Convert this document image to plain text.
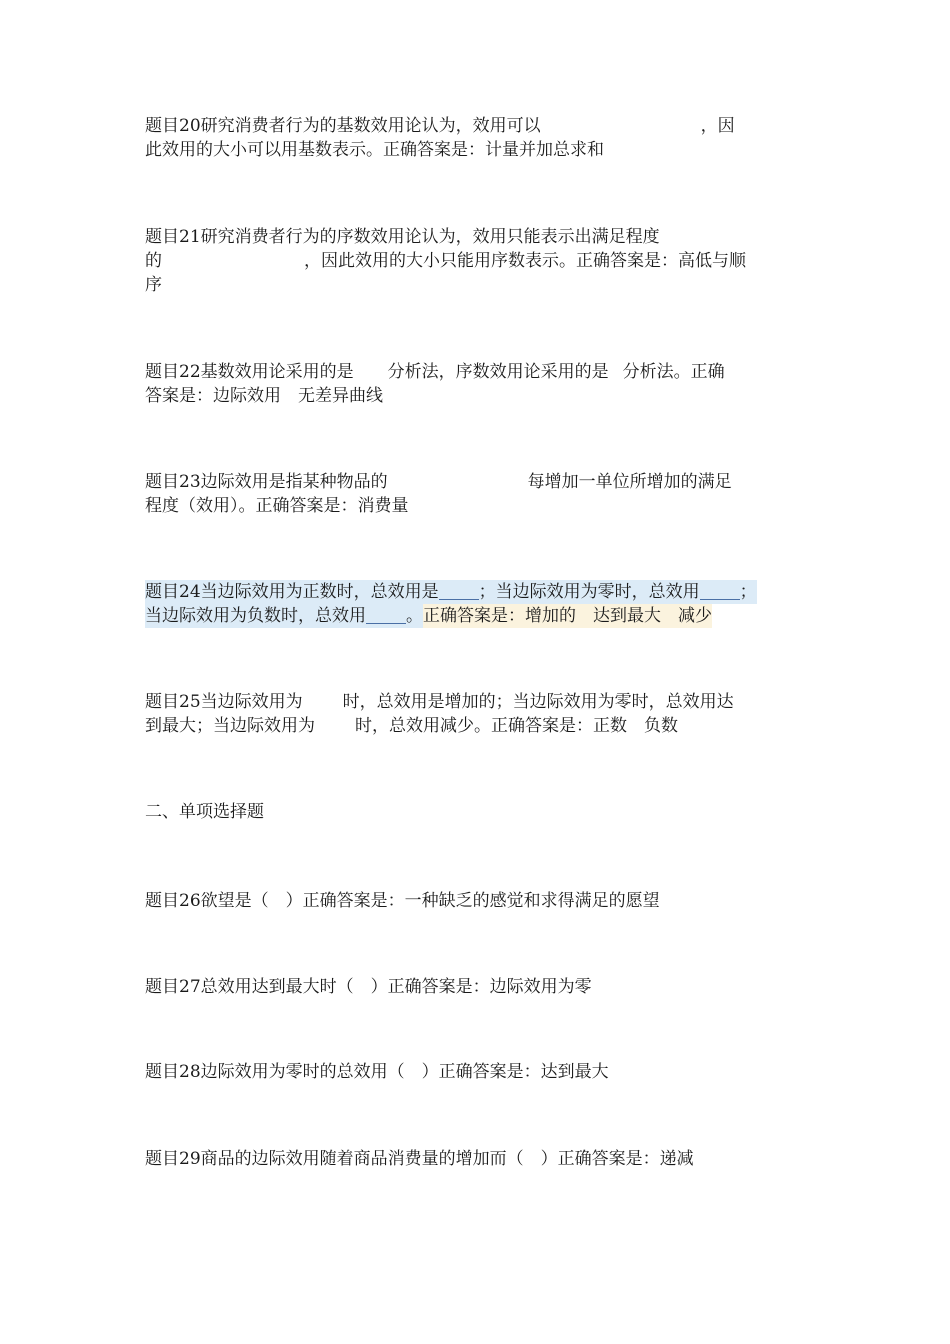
题目20研究消费者行为的基数效用论认为，效用可以	，因
此效用的大小可以用基数表示。正确答案是：计量并加总求和

题目21研究消费者行为的序数效用论认为，效用只能表示出满足程度
的	，因此效用的大小只能用序数表示。正确答案是：高低与顺
序

题目22基数效用论采用的是 分析法，序数效用论采用的是 分析法。正确
答案是：边际效用　无差异曲线

题目23边际效用是指某种物品的	每增加一单位所增加的满足
程度（效用）。正确答案是：消费量

题目24当边际效用为正数时，总效用是 ；当边际效用为零时，总效用 ；
当边际效用为负数时，总效用 。正确答案是：增加的　达到最大　减少

题目25当边际效用为 时，总效用是增加的；当边际效用为零时，总效用达
到最大；当边际效用为 时，总效用减少。正确答案是：正数　负数

二、单项选择题

题目26欲望是（　）正确答案是：一种缺乏的感觉和求得满足的愿望

题目27总效用达到最大时（　）正确答案是：边际效用为零

题目28边际效用为零时的总效用（　）正确答案是：达到最大

题目29商品的边际效用随着商品消费量的增加而（　）正确答案是：递减
